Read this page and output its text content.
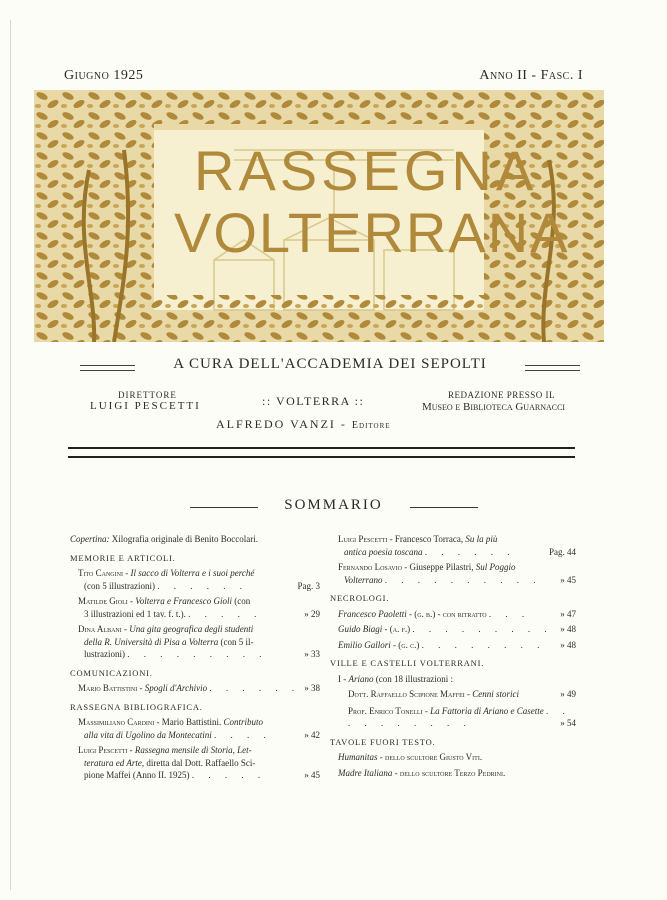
Giugno 1925	Anno II - Fasc. I
RASSEGNA
VOLTERRANA
LM
A CURA DELL'ACCADEMIA DEI SEPOLTI
DIRETTORE
LUIGI PESCETTI	:: VOLTERRA ::	REDAZIONE PRESSO IL
Museo e Biblioteca Guarnacci
ALFREDO VANZI - Editore
SOMMARIO
Copertina: Xilografia originale di Benito Boccolari.
MEMORIE E ARTICOLI.
Tito Cangini - Il sacco di Volterra e i suoi perché
(con 5 illustrazioni) . . . . . .	Pag. 3
Matilde Gioli - Volterra e Francesco Gioli (con
3 illustrazioni ed 1 tav. f. t.). . . . . .	» 29
Dina Albani - Una gita geografica degli studenti
della R. Università di Pisa a Volterra (con 5 il-
lustrazioni) . . . . . . . . .	» 33
COMUNICAZIONI.
Mario Battistini - Spogli d'Archivio . . . . . . » 38
RASSEGNA BIBLIOGRAFICA.
Massimiliano Cardini - Mario Battistini. Contributo
alla vita di Ugolino da Montecatini . . . .	» 42
Luigi Pescetti - Rassegna mensile di Storia, Let-
teratura ed Arte, diretta dal Dott. Raffaello Sci-
pione Maffei (Anno II. 1925) . . . . .	» 45
Luigi Pescetti - Francesco Torraca, Su la più
antica poesia toscana . . . . . .	Pag. 44
Fernando Losavio - Giuseppe Pilastri, Sul Poggio
Volterrano . . . . . . . . . .	» 45
NECROLOGI.
Francesco Paoletti - (g. b.) - con ritratto . . .	» 47
Guido Biagi - (a. f.) . . . . . . . . . » 48
Emilio Gallori - (g. c.) . . . . . . . . » 48
VILLE E CASTELLI VOLTERRANI.
I - Ariano (con 18 illustrazioni :
Dott. Raffaello Scipione Maffei - Cenni storici	» 49
Prof. Enrico Tonelli - La Fattoria di Ariano e Casette . . . . . . . . . .	» 54
TAVOLE FUORI TESTO.
Humanitas - dello scultore Giusto Viti.
Madre Italiana - dello scultore Terzo Pedrini.
